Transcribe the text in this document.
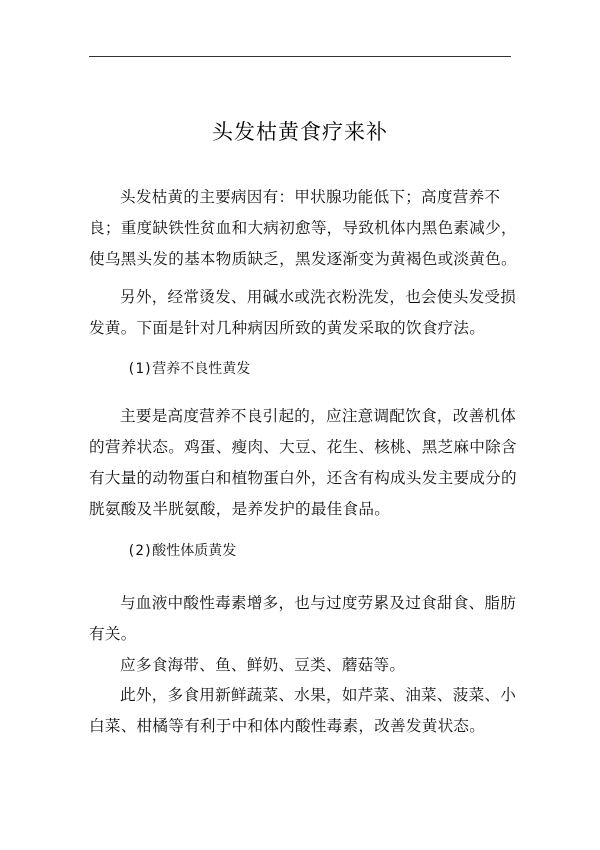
头发枯黄食疗来补

头发枯黄的主要病因有：甲状腺功能低下；高度营养不良；重度缺铁性贫血和大病初愈等，导致机体内黑色素减少，使乌黑头发的基本物质缺乏，黑发逐渐变为黄褐色或淡黄色。

另外，经常烫发、用碱水或洗衣粉洗发，也会使头发受损发黄。下面是针对几种病因所致的黄发采取的饮食疗法。

(1)营养不良性黄发

主要是高度营养不良引起的，应注意调配饮食，改善机体的营养状态。鸡蛋、瘦肉、大豆、花生、核桃、黑芝麻中除含有大量的动物蛋白和植物蛋白外，还含有构成头发主要成分的胱氨酸及半胱氨酸，是养发护的最佳食品。

(2)酸性体质黄发

与血液中酸性毒素增多，也与过度劳累及过食甜食、脂肪有关。

应多食海带、鱼、鲜奶、豆类、蘑菇等。

此外，多食用新鲜蔬菜、水果，如芹菜、油菜、菠菜、小白菜、柑橘等有利于中和体内酸性毒素，改善发黄状态。
